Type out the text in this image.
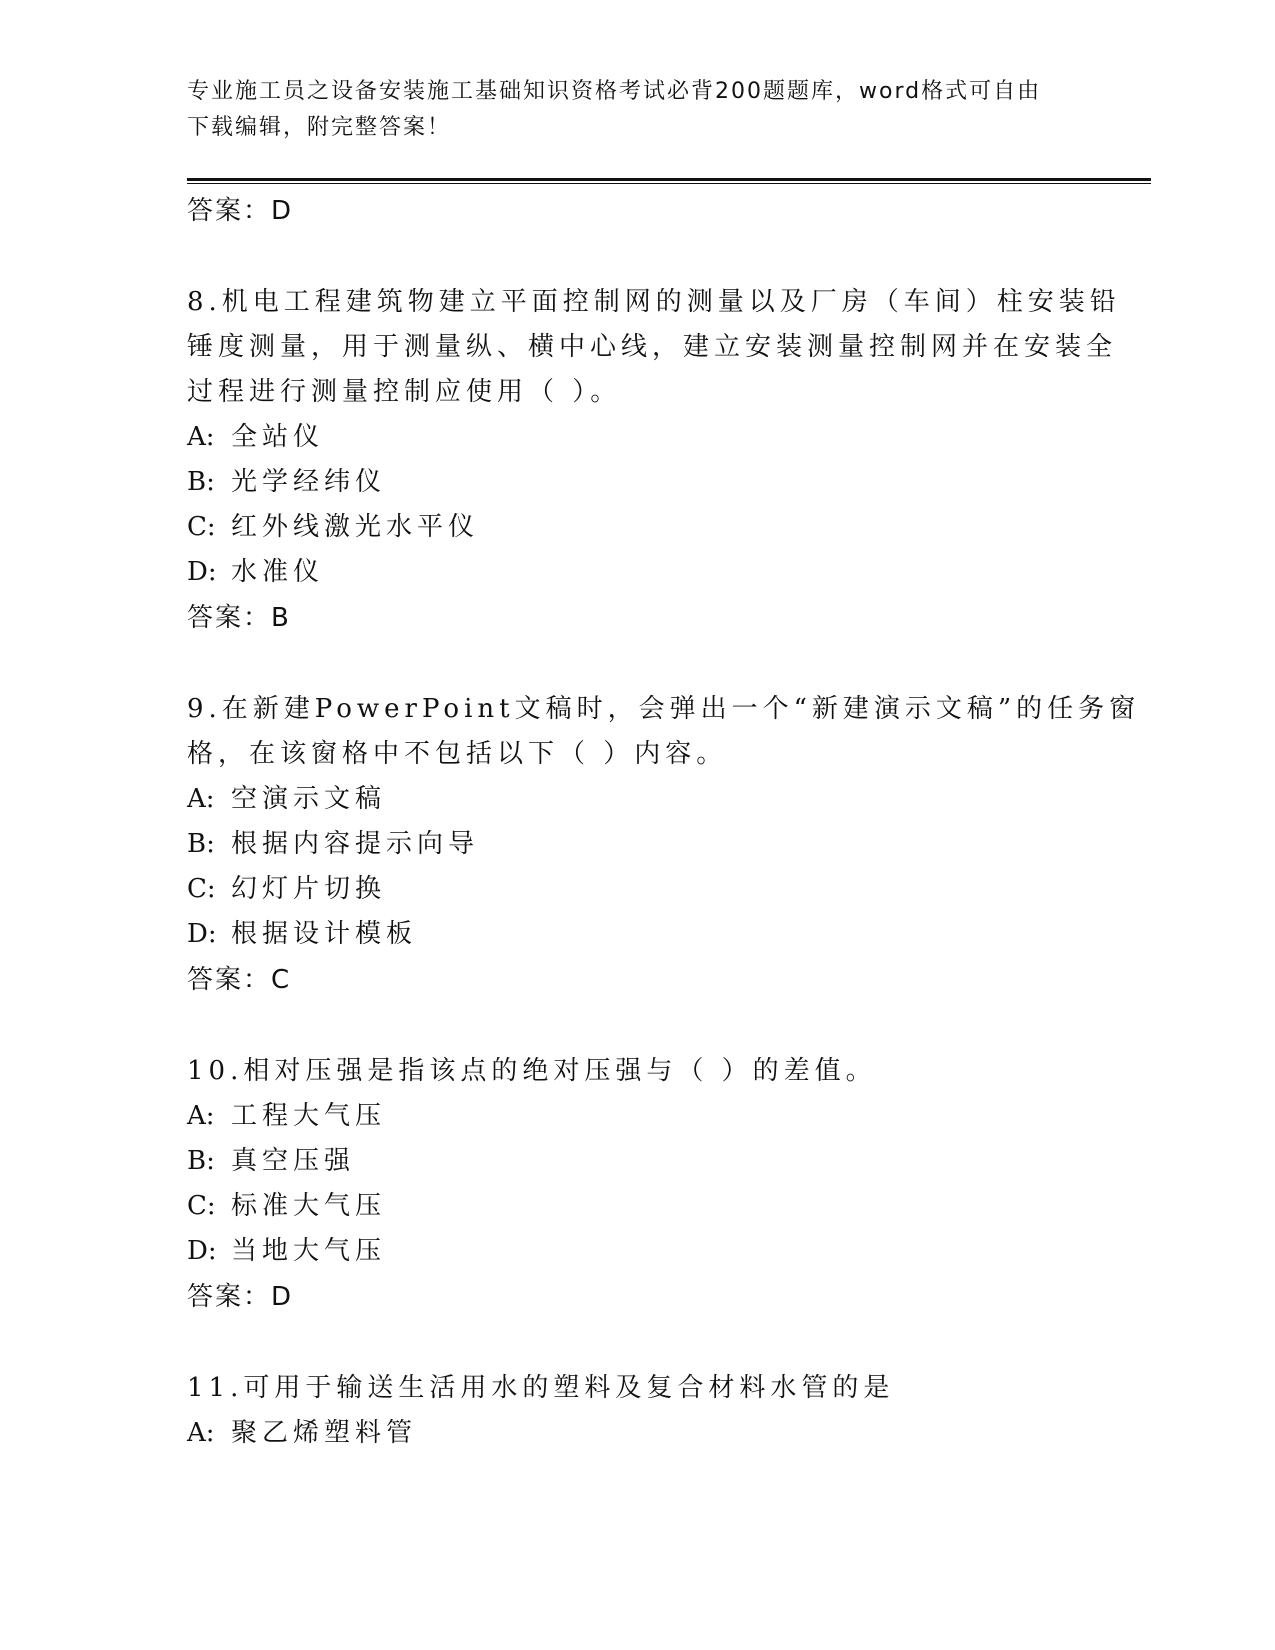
专业施工员之设备安装施工基础知识资格考试必背200题题库，word格式可自由
下载编辑，附完整答案！
答案：D
8.机电工程建筑物建立平面控制网的测量以及厂房（车间）柱安装铅
锤度测量，用于测量纵、横中心线，建立安装测量控制网并在安装全
过程进行测量控制应使用（ ）。
A: 全站仪
B: 光学经纬仪
C: 红外线激光水平仪
D: 水准仪
答案：B
9.在新建PowerPoint文稿时，会弹出一个“新建演示文稿”的任务窗
格，在该窗格中不包括以下（ ）内容。
A: 空演示文稿
B: 根据内容提示向导
C: 幻灯片切换
D: 根据设计模板
答案：C
10.相对压强是指该点的绝对压强与（ ）的差值。
A: 工程大气压
B: 真空压强
C: 标准大气压
D: 当地大气压
答案：D
11.可用于输送生活用水的塑料及复合材料水管的是
A: 聚乙烯塑料管
